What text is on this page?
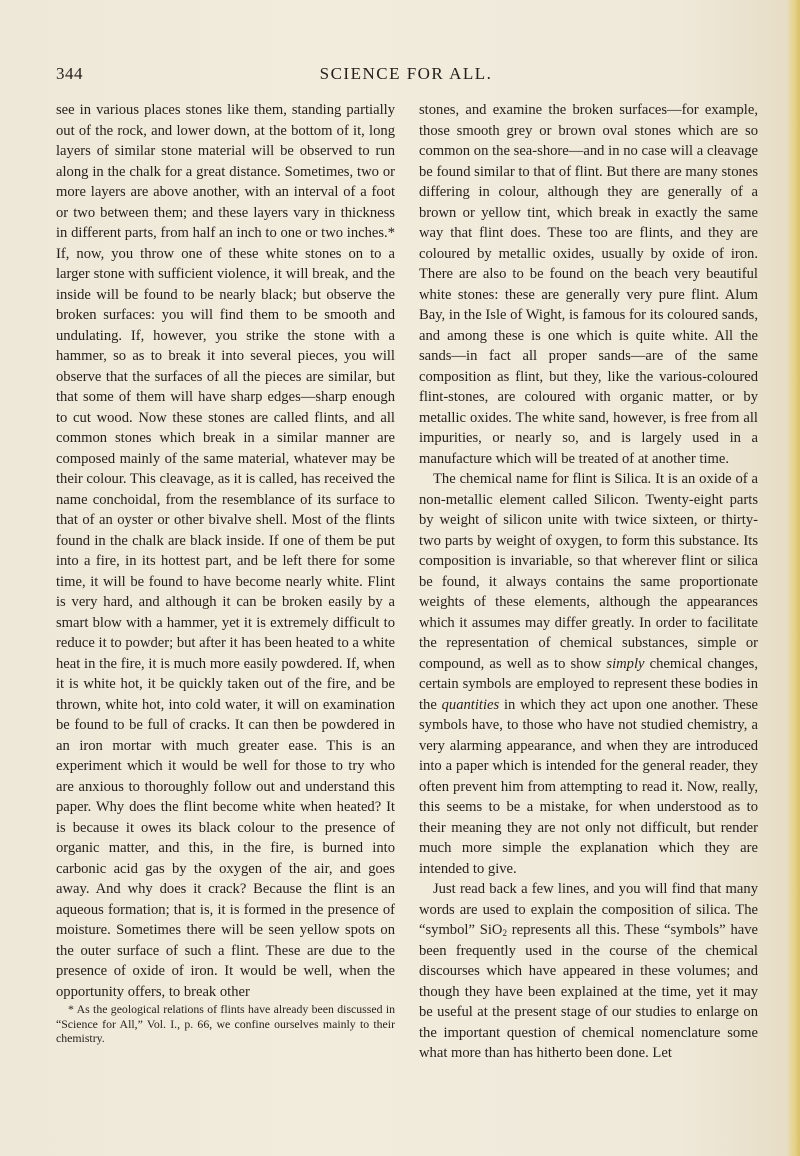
SCIENCE FOR ALL.
344

see in various places stones like them, standing partially out of the rock, and lower down, at the bottom of it, long layers of similar stone material will be observed to run along in the chalk for a great distance. Sometimes, two or more layers are above another, with an interval of a foot or two between them; and these layers vary in thickness in different parts, from half an inch to one or two inches.* If, now, you throw one of these white stones on to a larger stone with sufficient violence, it will break, and the inside will be found to be nearly black; but observe the broken surfaces: you will find them to be smooth and undulating. If, however, you strike the stone with a hammer, so as to break it into several pieces, you will observe that the surfaces of all the pieces are similar, but that some of them will have sharp edges—sharp enough to cut wood. Now these stones are called flints, and all common stones which break in a similar manner are composed mainly of the same material, whatever may be their colour. This cleavage, as it is called, has received the name conchoidal, from the resemblance of its surface to that of an oyster or other bivalve shell. Most of the flints found in the chalk are black inside. If one of them be put into a fire, in its hottest part, and be left there for some time, it will be found to have become nearly white. Flint is very hard, and although it can be broken easily by a smart blow with a hammer, yet it is extremely difficult to reduce it to powder; but after it has been heated to a white heat in the fire, it is much more easily powdered. If, when it is white hot, it be quickly taken out of the fire, and be thrown, white hot, into cold water, it will on examination be found to be full of cracks. It can then be powdered in an iron mortar with much greater ease. This is an experiment which it would be well for those to try who are anxious to thoroughly follow out and understand this paper. Why does the flint become white when heated? It is because it owes its black colour to the presence of organic matter, and this, in the fire, is burned into carbonic acid gas by the oxygen of the air, and goes away. And why does it crack? Because the flint is an aqueous formation; that is, it is formed in the presence of moisture. Sometimes there will be seen yellow spots on the outer surface of such a flint. These are due to the presence of oxide of iron. It would be well, when the opportunity offers, to break other

* As the geological relations of flints have already been discussed in “Science for All,” Vol. I., p. 66, we confine ourselves mainly to their chemistry.

stones, and examine the broken surfaces—for example, those smooth grey or brown oval stones which are so common on the sea-shore—and in no case will a cleavage be found similar to that of flint. But there are many stones differing in colour, although they are generally of a brown or yellow tint, which break in exactly the same way that flint does. These too are flints, and they are coloured by metallic oxides, usually by oxide of iron. There are also to be found on the beach very beautiful white stones: these are generally very pure flint. Alum Bay, in the Isle of Wight, is famous for its coloured sands, and among these is one which is quite white. All the sands—in fact all proper sands—are of the same composition as flint, but they, like the various-coloured flint-stones, are coloured with organic matter, or by metallic oxides. The white sand, however, is free from all impurities, or nearly so, and is largely used in a manufacture which will be treated of at another time.

The chemical name for flint is Silica. It is an oxide of a non-metallic element called Silicon. Twenty-eight parts by weight of silicon unite with twice sixteen, or thirty-two parts by weight of oxygen, to form this substance. Its composition is invariable, so that wherever flint or silica be found, it always contains the same proportionate weights of these elements, although the appearances which it assumes may differ greatly. In order to facilitate the representation of chemical substances, simple or compound, as well as to show simply chemical changes, certain symbols are employed to represent these bodies in the quantities in which they act upon one another. These symbols have, to those who have not studied chemistry, a very alarming appearance, and when they are introduced into a paper which is intended for the general reader, they often prevent him from attempting to read it. Now, really, this seems to be a mistake, for when understood as to their meaning they are not only not difficult, but render much more simple the explanation which they are intended to give.

Just read back a few lines, and you will find that many words are used to explain the composition of silica. The “symbol” SiO$_2$ represents all this. These “symbols” have been frequently used in the course of the chemical discourses which have appeared in these volumes; and though they have been explained at the time, yet it may be useful at the present stage of our studies to enlarge on the important question of chemical nomenclature some what more than has hitherto been done. Let
